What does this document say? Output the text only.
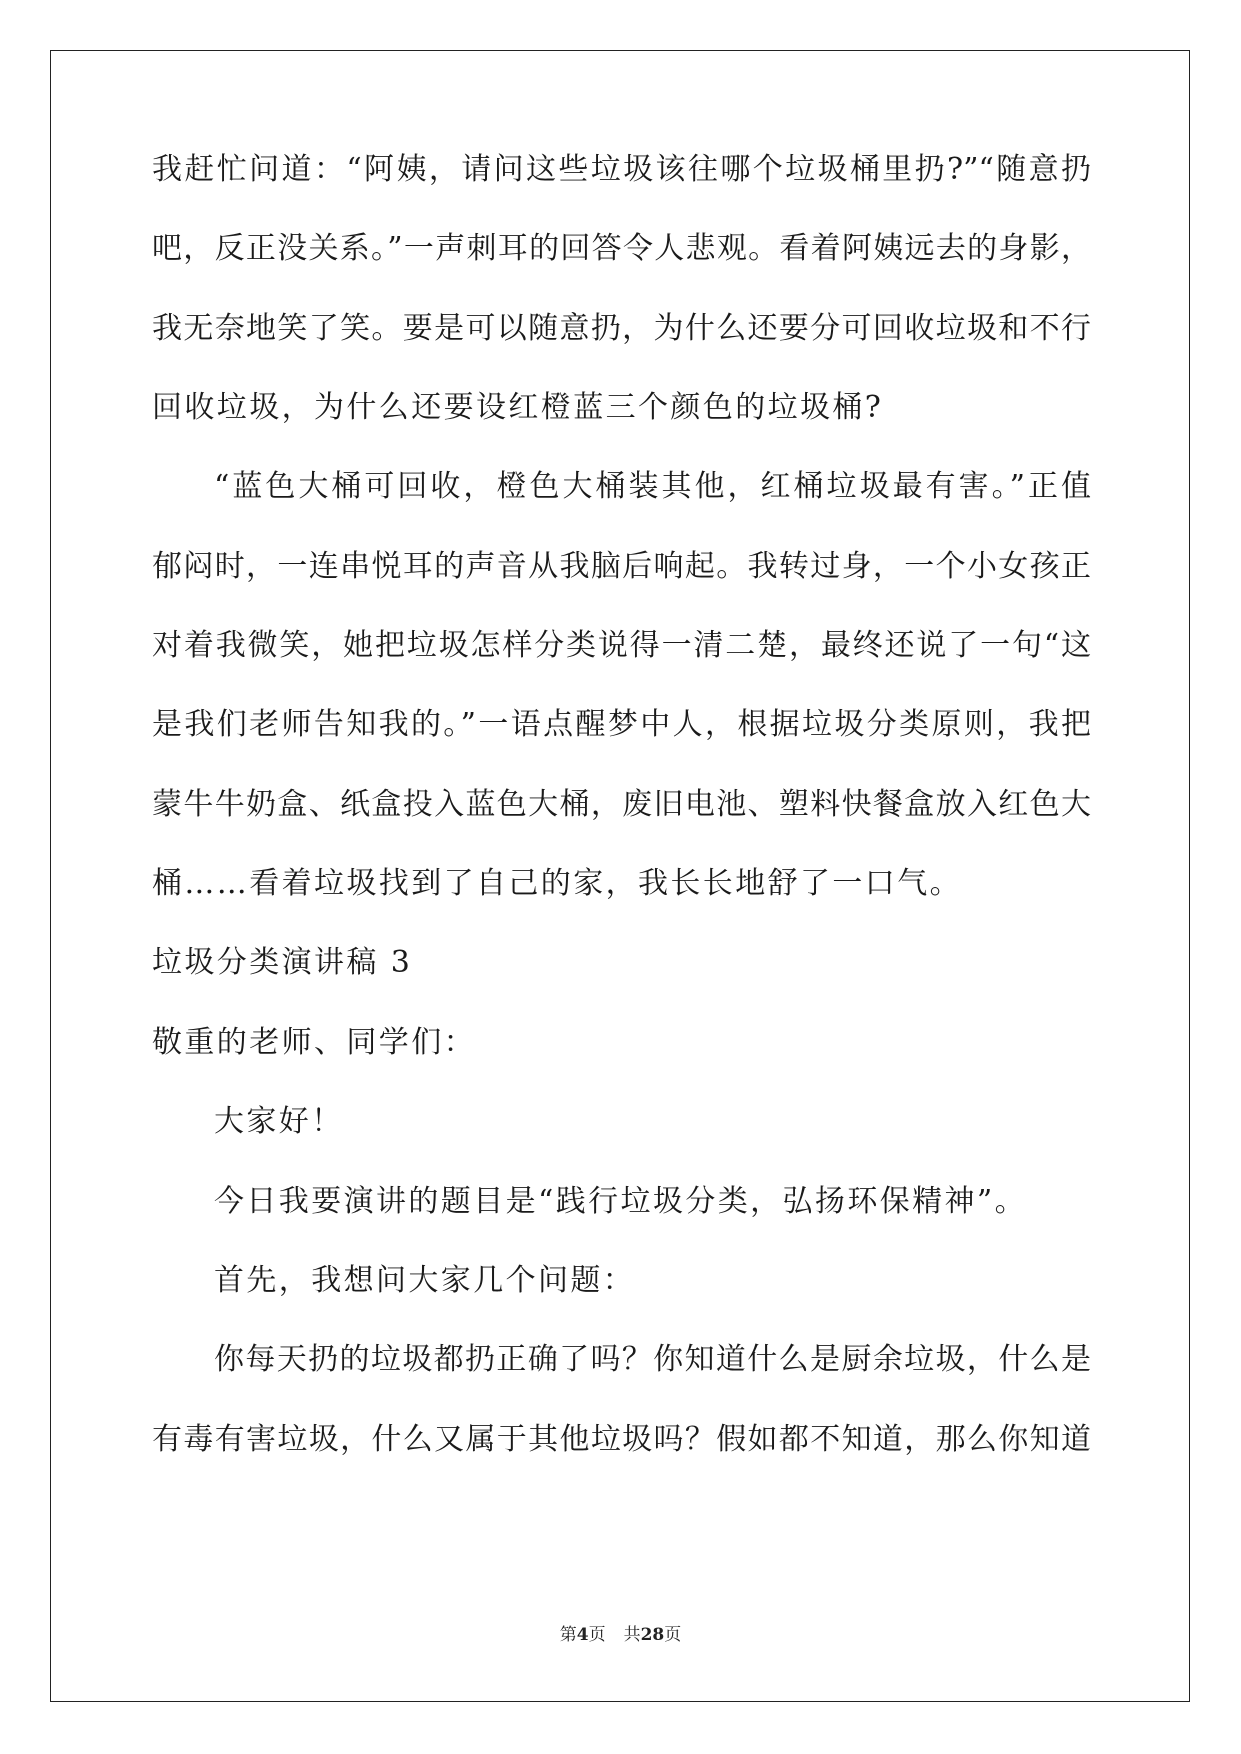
我赶忙问道：“阿姨，请问这些垃圾该往哪个垃圾桶里扔?”“随意扔
吧，反正没关系。”一声刺耳的回答令人悲观。看着阿姨远去的身影，
我无奈地笑了笑。要是可以随意扔，为什么还要分可回收垃圾和不行
回收垃圾，为什么还要设红橙蓝三个颜色的垃圾桶?
“蓝色大桶可回收，橙色大桶装其他，红桶垃圾最有害。”正值
郁闷时，一连串悦耳的声音从我脑后响起。我转过身，一个小女孩正
对着我微笑，她把垃圾怎样分类说得一清二楚，最终还说了一句“这
是我们老师告知我的。”一语点醒梦中人，根据垃圾分类原则，我把
蒙牛牛奶盒、纸盒投入蓝色大桶，废旧电池、塑料快餐盒放入红色大
桶……看着垃圾找到了自己的家，我长长地舒了一口气。
垃圾分类演讲稿 3
敬重的老师、同学们：
大家好！
今日我要演讲的题目是“践行垃圾分类，弘扬环保精神”。
首先，我想问大家几个问题：
你每天扔的垃圾都扔正确了吗？你知道什么是厨余垃圾，什么是
有毒有害垃圾，什么又属于其他垃圾吗？假如都不知道，那么你知道
第4页 共28页
